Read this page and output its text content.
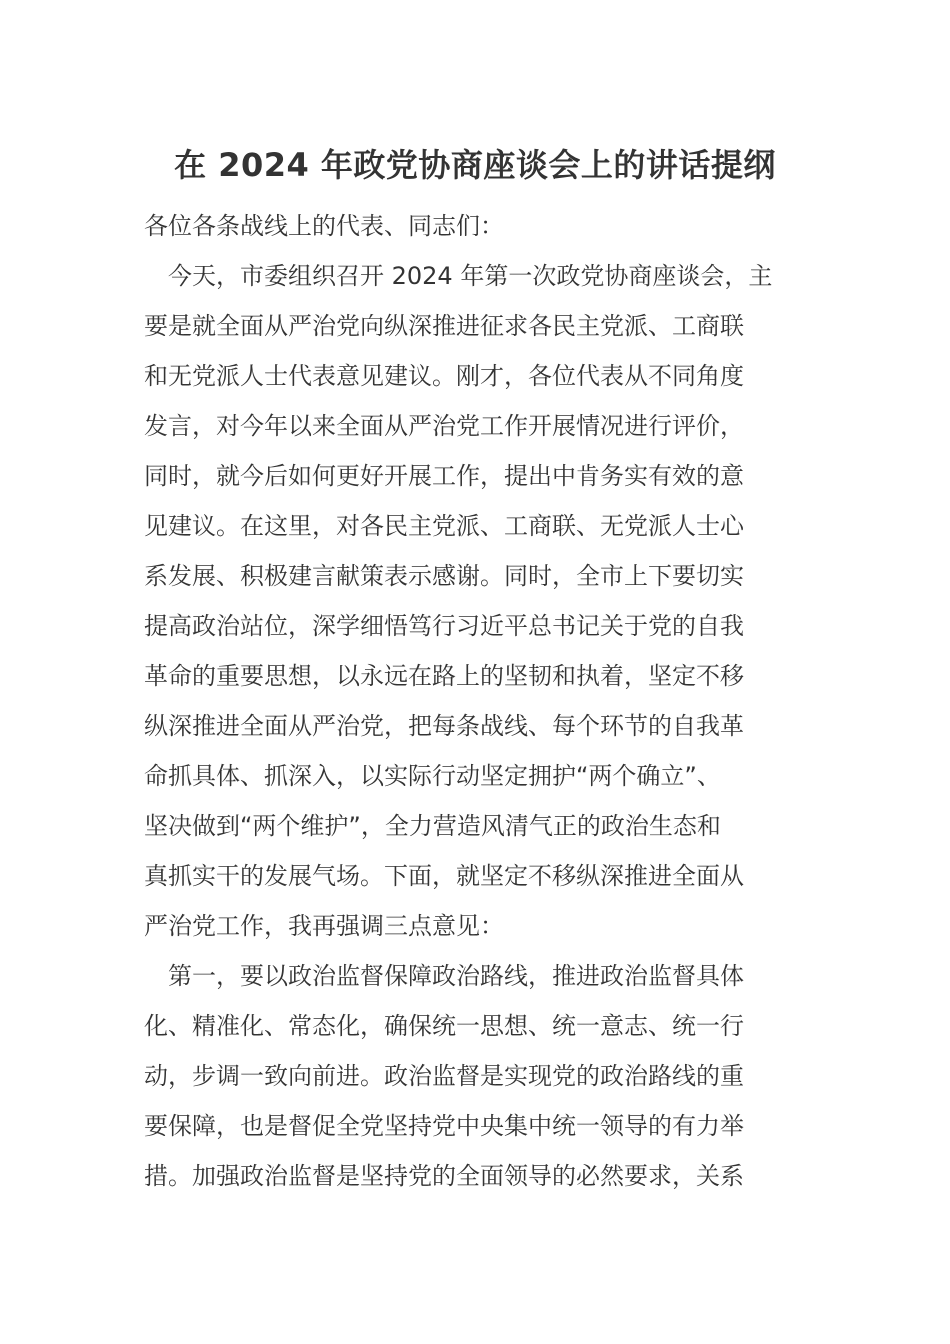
在 2024 年政党协商座谈会上的讲话提纲
各位各条战线上的代表、同志们：
　今天，市委组织召开 2024 年第一次政党协商座谈会，主
要是就全面从严治党向纵深推进征求各民主党派、工商联
和无党派人士代表意见建议。刚才，各位代表从不同角度
发言，对今年以来全面从严治党工作开展情况进行评价，
同时，就今后如何更好开展工作，提出中肯务实有效的意
见建议。在这里，对各民主党派、工商联、无党派人士心
系发展、积极建言献策表示感谢。同时，全市上下要切实
提高政治站位，深学细悟笃行习近平总书记关于党的自我
革命的重要思想，以永远在路上的坚韧和执着，坚定不移
纵深推进全面从严治党，把每条战线、每个环节的自我革
命抓具体、抓深入，以实际行动坚定拥护“两个确立”、
坚决做到“两个维护”，全力营造风清气正的政治生态和
真抓实干的发展气场。下面，就坚定不移纵深推进全面从
严治党工作，我再强调三点意见：
　第一，要以政治监督保障政治路线，推进政治监督具体
化、精准化、常态化，确保统一思想、统一意志、统一行
动，步调一致向前进。政治监督是实现党的政治路线的重
要保障，也是督促全党坚持党中央集中统一领导的有力举
措。加强政治监督是坚持党的全面领导的必然要求，关系
